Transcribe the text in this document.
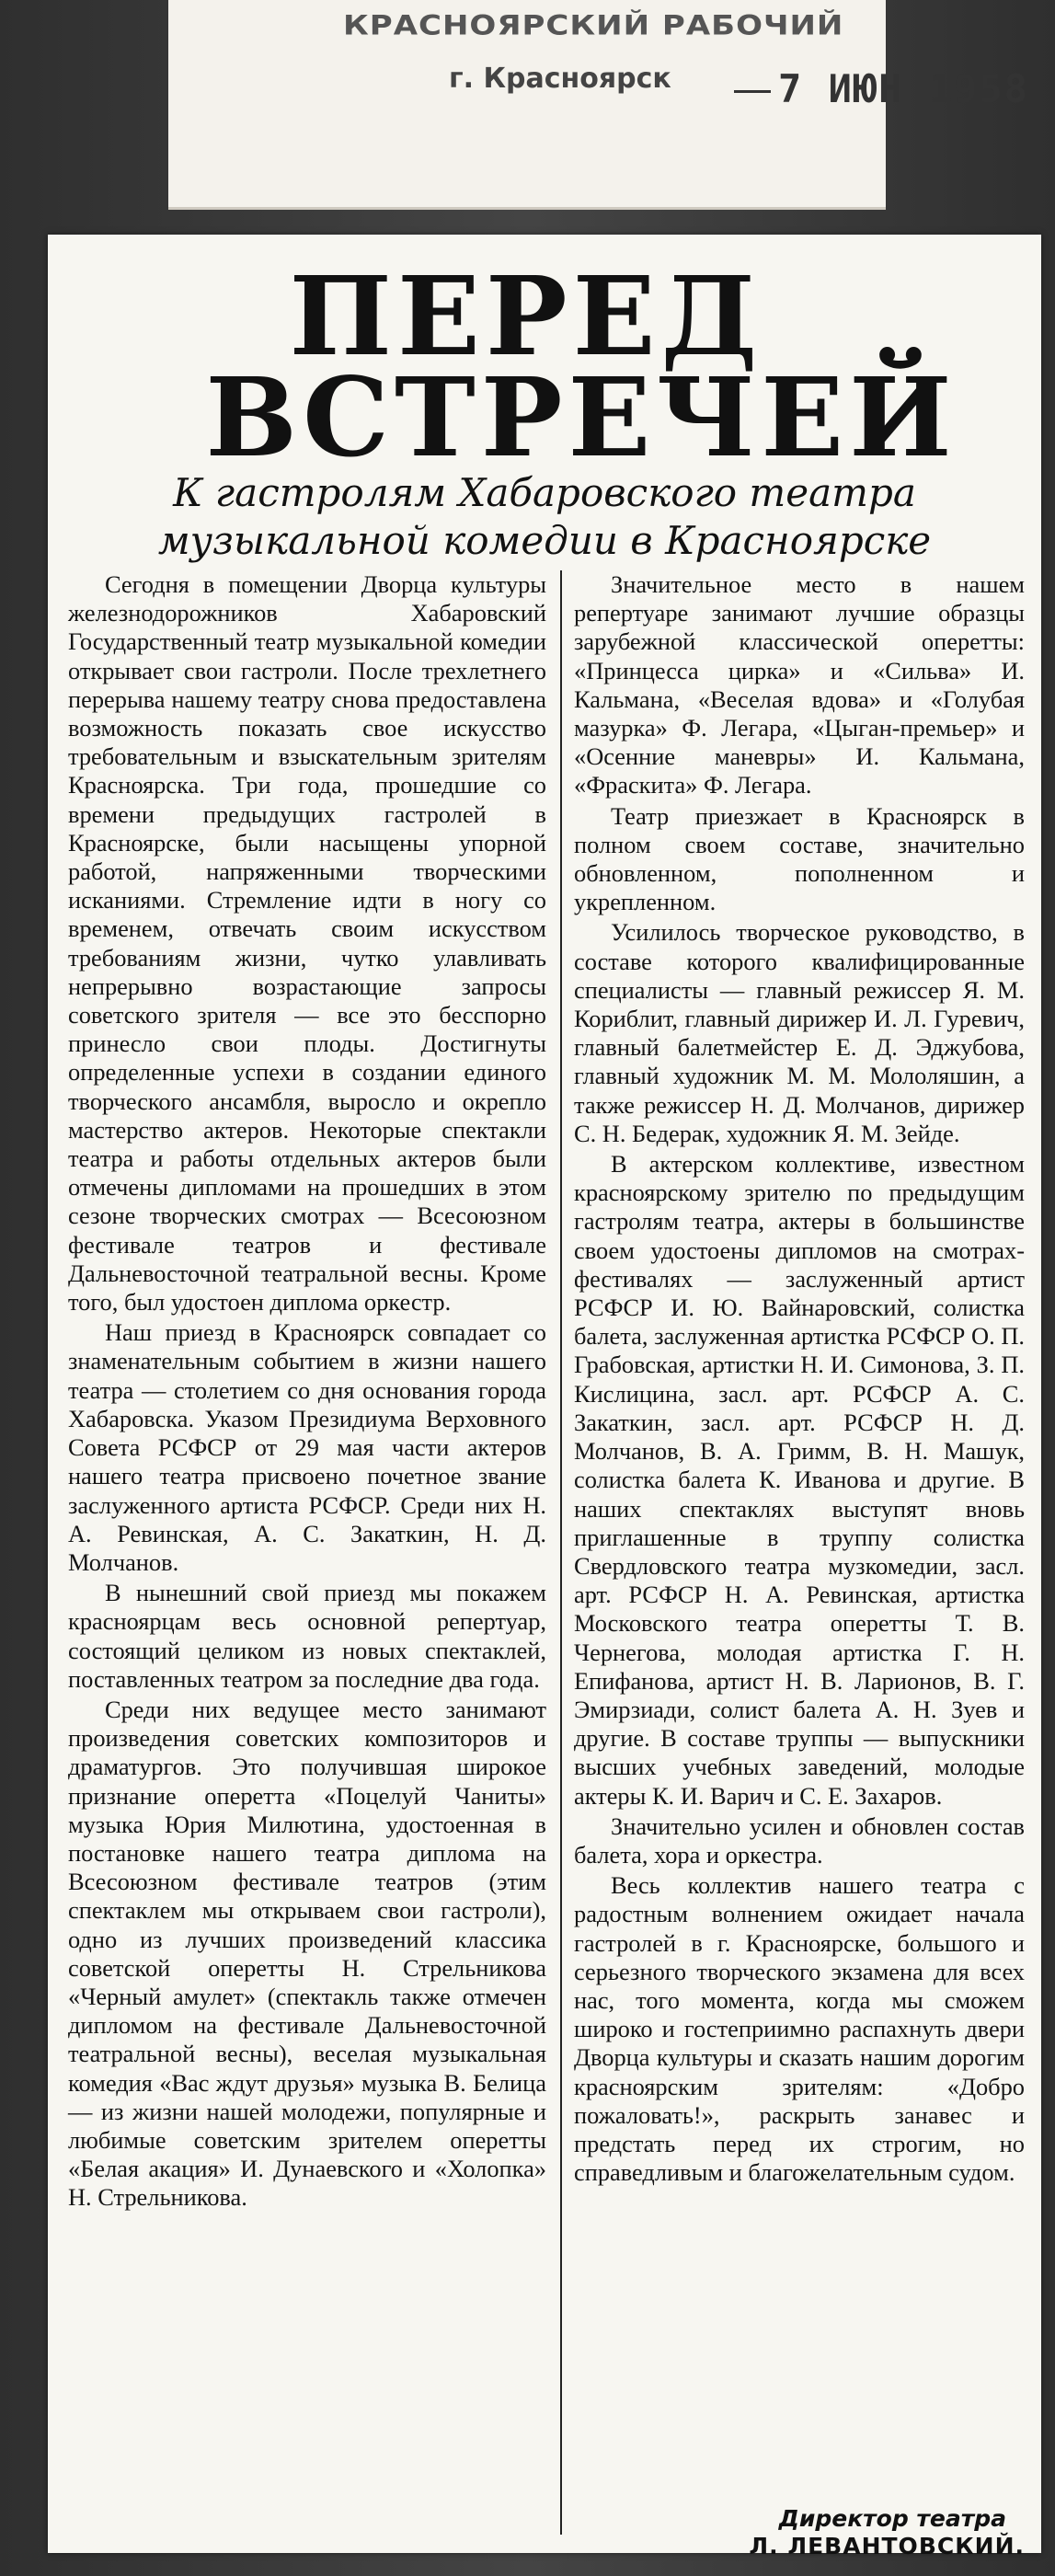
КРАСНОЯРСКИЙ РАБОЧИЙ
г. Красноярск	7 ИЮН 1958
ПЕРЕД
ВСТРЕЧЕЙ
К гастролям Хабаровского театра
музыкальной комедии в Красноярске

Сегодня в помещении Дворца культуры железнодорожников Хабаровский Государственный театр музыкальной комедии открывает свои гастроли. После трехлетнего перерыва нашему театру снова предоставлена возможность показать свое искусство требовательным и взыскательным зрителям Красноярска. Три года, прошедшие со времени предыдущих гастролей в Красноярске, были насыщены упорной работой, напряженными творческими исканиями. Стремление идти в ногу со временем, отвечать своим искусством требованиям жизни, чутко улавливать непрерывно возрастающие запросы советского зрителя — все это бесспорно принесло свои плоды. Достигнуты определенные успехи в создании единого творческого ансамбля, выросло и окрепло мастерство актеров. Некоторые спектакли театра и работы отдельных актеров были отмечены дипломами на прошедших в этом сезоне творческих смотрах — Всесоюзном фестивале театров и фестивале Дальневосточной театральной весны. Кроме того, был удостоен диплома оркестр.

Наш приезд в Красноярск совпадает со знаменательным событием в жизни нашего театра — столетием со дня основания города Хабаровска. Указом Президиума Верховного Совета РСФСР от 29 мая части актеров нашего театра присвоено почетное звание заслуженного артиста РСФСР. Среди них Н. А. Ревинская, А. С. Закаткин, Н. Д. Молчанов.

В нынешний свой приезд мы покажем красноярцам весь основной репертуар, состоящий целиком из новых спектаклей, поставленных театром за последние два года.

Среди них ведущее место занимают произведения советских композиторов и драматургов. Это получившая широкое признание оперетта «Поцелуй Чаниты» музыка Юрия Милютина, удостоенная в постановке нашего театра диплома на Всесоюзном фестивале театров (этим спектаклем мы открываем свои гастроли), одно из лучших произведений классика советской оперетты Н. Стрельникова «Черный амулет» (спектакль также отмечен дипломом на фестивале Дальневосточной театральной весны), веселая музыкальная комедия «Вас ждут друзья» музыка В. Белица — из жизни нашей молодежи, популярные и любимые советским зрителем оперетты «Белая акация» И. Дунаевского и «Холопка» Н. Стрельникова.

Значительное место в нашем репертуаре занимают лучшие образцы зарубежной классической оперетты: «Принцесса цирка» и «Сильва» И. Кальмана, «Веселая вдова» и «Голубая мазурка» Ф. Легара, «Цыган-премьер» и «Осенние маневры» И. Кальмана, «Фраскита» Ф. Легара.

Театр приезжает в Красноярск в полном своем составе, значительно обновленном, пополненном и укрепленном.

Усилилось творческое руководство, в составе которого квалифицированные специалисты — главный режиссер Я. М. Кориблит, главный дирижер И. Л. Гуревич, главный балетмейстер Е. Д. Эджубова, главный художник М. М. Мололяшин, а также режиссер Н. Д. Молчанов, дирижер С. Н. Бедерак, художник Я. М. Зейде.

В актерском коллективе, известном красноярскому зрителю по предыдущим гастролям театра, актеры в большинстве своем удостоены дипломов на смотрах-фестивалях — заслуженный артист РСФСР И. Ю. Вайнаровский, солистка балета, заслуженная артистка РСФСР О. П. Грабовская, артистки Н. И. Симонова, З. П. Кислицина, засл. арт. РСФСР А. С. Закаткин, засл. арт. РСФСР Н. Д. Молчанов, В. А. Гримм, В. Н. Машук, солистка балета К. Иванова и другие. В наших спектаклях выступят вновь приглашенные в труппу солистка Свердловского театра музкомедии, засл. арт. РСФСР Н. А. Ревинская, артистка Московского театра оперетты Т. В. Чернегова, молодая артистка Г. Н. Епифанова, артист Н. В. Ларионов, В. Г. Эмирзиади, солист балета А. Н. Зуев и другие. В составе труппы — выпускники высших учебных заведений, молодые актеры К. И. Варич и С. Е. Захаров.

Значительно усилен и обновлен состав балета, хора и оркестра.

Весь коллектив нашего театра с радостным волнением ожидает начала гастролей в г. Красноярске, большого и серьезного творческого экзамена для всех нас, того момента, когда мы сможем широко и гостеприимно распахнуть двери Дворца культуры и сказать нашим дорогим красноярским зрителям: «Добро пожаловать!», раскрыть занавес и предстать перед их строгим, но справедливым и благожелательным судом.

Директор театра
Л. ЛЕВАНТОВСКИЙ.
